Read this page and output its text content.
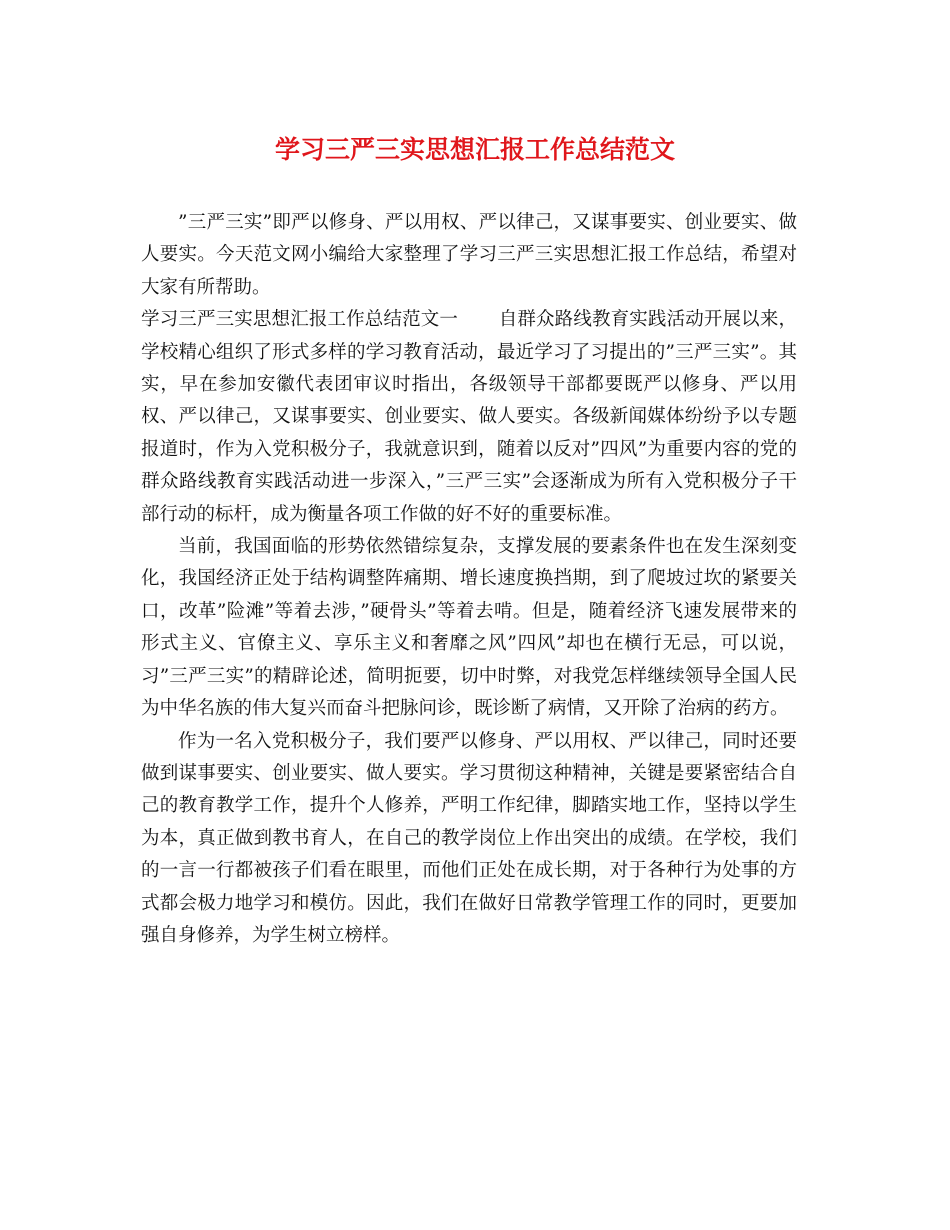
学习三严三实思想汇报工作总结范文

”三严三实”即严以修身、严以用权、严以律己，又谋事要实、创业要实、做人要实。今天范文网小编给大家整理了学习三严三实思想汇报工作总结，希望对大家有所帮助。

学习三严三实思想汇报工作总结范文一 自群众路线教育实践活动开展以来，学校精心组织了形式多样的学习教育活动，最近学习了习提出的”三严三实”。其实，早在参加安徽代表团审议时指出，各级领导干部都要既严以修身、严以用权、严以律己，又谋事要实、创业要实、做人要实。各级新闻媒体纷纷予以专题报道时，作为入党积极分子，我就意识到，随着以反对”四风”为重要内容的党的群众路线教育实践活动进一步深入，”三严三实”会逐渐成为所有入党积极分子干部行动的标杆，成为衡量各项工作做的好不好的重要标准。

当前，我国面临的形势依然错综复杂，支撑发展的要素条件也在发生深刻变化，我国经济正处于结构调整阵痛期、增长速度换挡期，到了爬坡过坎的紧要关口，改革”险滩”等着去涉，”硬骨头”等着去啃。但是，随着经济飞速发展带来的形式主义、官僚主义、享乐主义和奢靡之风”四风”却也在横行无忌，可以说，习”三严三实”的精辟论述，简明扼要，切中时弊，对我党怎样继续领导全国人民为中华名族的伟大复兴而奋斗把脉问诊，既诊断了病情，又开除了治病的药方。

作为一名入党积极分子，我们要严以修身、严以用权、严以律己，同时还要做到谋事要实、创业要实、做人要实。学习贯彻这种精神，关键是要紧密结合自己的教育教学工作，提升个人修养，严明工作纪律，脚踏实地工作，坚持以学生为本，真正做到教书育人，在自己的教学岗位上作出突出的成绩。在学校，我们的一言一行都被孩子们看在眼里，而他们正处在成长期，对于各种行为处事的方式都会极力地学习和模仿。因此，我们在做好日常教学管理工作的同时，更要加强自身修养，为学生树立榜样。
